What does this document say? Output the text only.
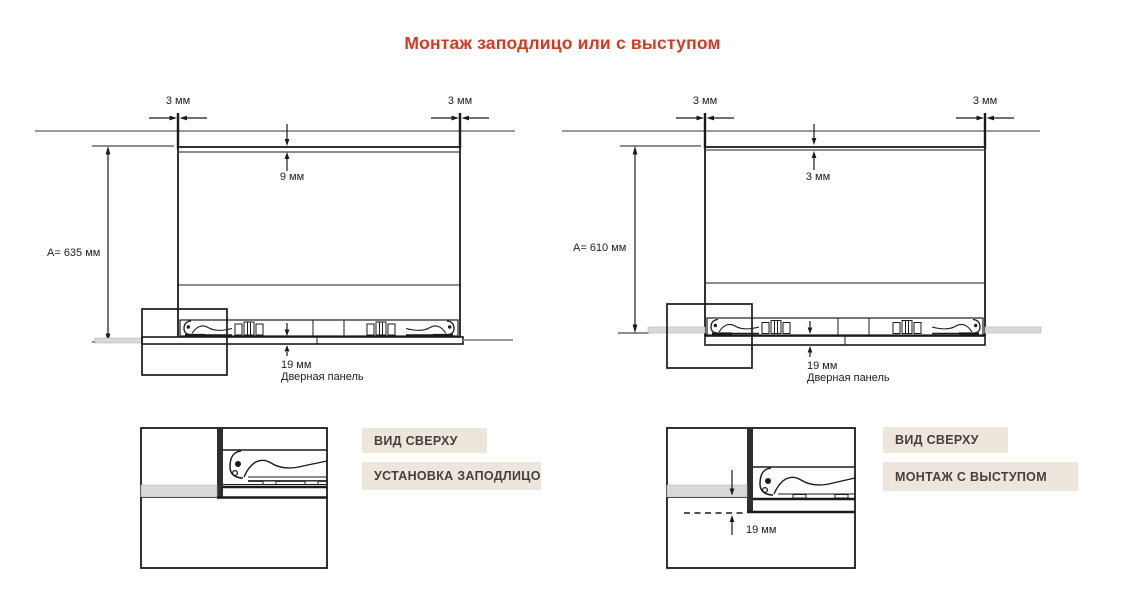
Монтаж заподлицо или с выступом
3 мм	3 мм
9 мм
A= 635 мм
19 мм
Дверная панель
3 мм	3 мм
3 мм
A= 610 мм
19 мм
Дверная панель
ВИД СВЕРХУ
УСТАНОВКА ЗАПОДЛИЦО
ВИД СВЕРХУ
МОНТАЖ С ВЫСТУПОМ
19 мм
